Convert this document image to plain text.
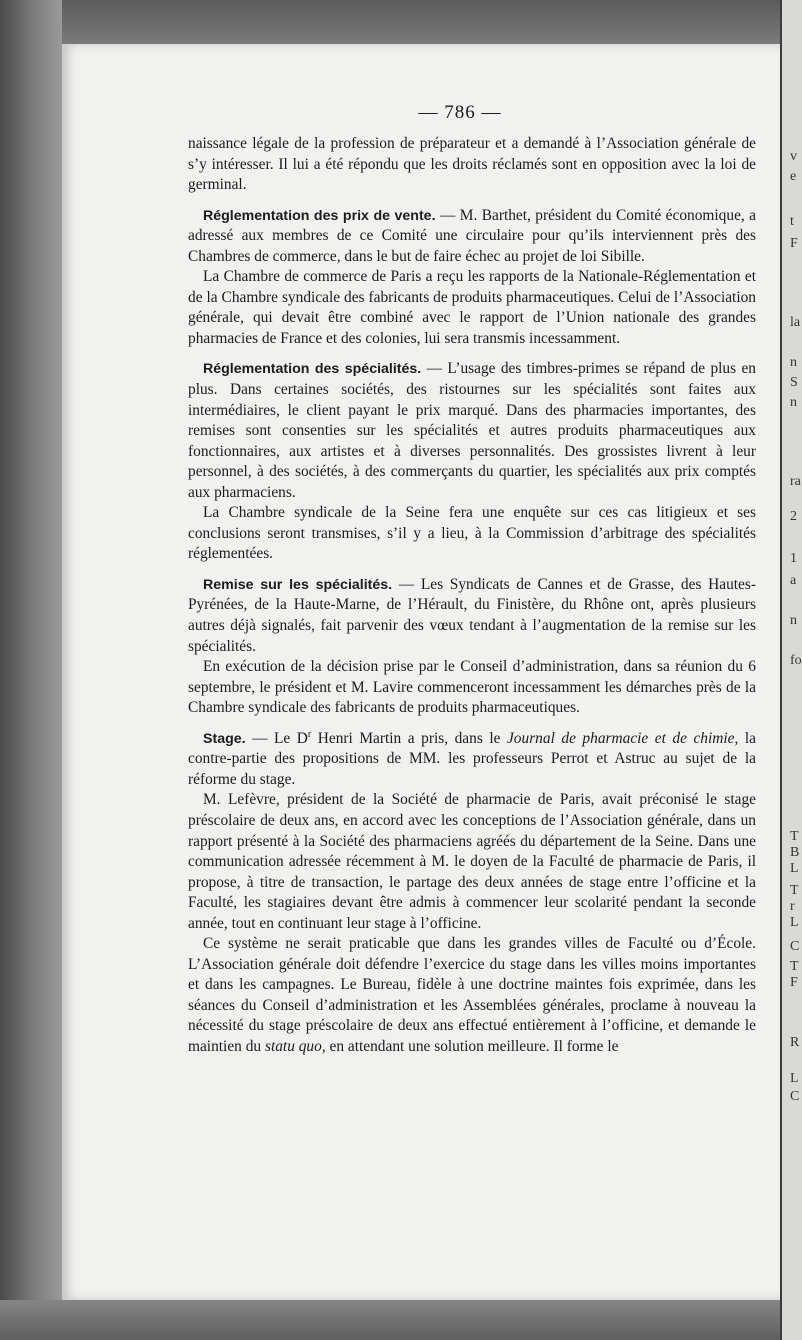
v
e
t
F
la
n
S
n
ra
2
1
a
n
fo
T
B
L
T
r
L
C
T
F
R
L
C

— 786 —

naissance légale de la profession de préparateur et a demandé à l’Association générale de s’y intéresser. Il lui a été répondu que les droits réclamés sont en opposition avec la loi de germinal.

Réglementation des prix de vente. — M. Barthet, président du Comité économique, a adressé aux membres de ce Comité une circulaire pour qu’ils interviennent près des Chambres de commerce, dans le but de faire échec au projet de loi Sibille.

La Chambre de commerce de Paris a reçu les rapports de la Nationale-Réglementation et de la Chambre syndicale des fabricants de produits pharmaceutiques. Celui de l’Association générale, qui devait être combiné avec le rapport de l’Union nationale des grandes pharmacies de France et des colonies, lui sera transmis incessamment.

Réglementation des spécialités. — L’usage des timbres-primes se répand de plus en plus. Dans certaines sociétés, des ristournes sur les spécialités sont faites aux intermédiaires, le client payant le prix marqué. Dans des pharmacies importantes, des remises sont consenties sur les spécialités et autres produits pharmaceutiques aux fonctionnaires, aux artistes et à diverses personnalités. Des grossistes livrent à leur personnel, à des sociétés, à des commerçants du quartier, les spécialités aux prix comptés aux pharmaciens.

La Chambre syndicale de la Seine fera une enquête sur ces cas litigieux et ses conclusions seront transmises, s’il y a lieu, à la Commission d’arbitrage des spécialités réglementées.

Remise sur les spécialités. — Les Syndicats de Cannes et de Grasse, des Hautes-Pyrénées, de la Haute-Marne, de l’Hérault, du Finistère, du Rhône ont, après plusieurs autres déjà signalés, fait parvenir des vœux tendant à l’augmentation de la remise sur les spécialités.

En exécution de la décision prise par le Conseil d’administration, dans sa réunion du 6 septembre, le président et M. Lavire commenceront incessamment les démarches près de la Chambre syndicale des fabricants de produits pharmaceutiques.

Stage. — Le $D^r$ Henri Martin a pris, dans le Journal de pharmacie et de chimie, la contre-partie des propositions de MM. les professeurs Perrot et Astruc au sujet de la réforme du stage.

M. Lefèvre, président de la Société de pharmacie de Paris, avait préconisé le stage préscolaire de deux ans, en accord avec les conceptions de l’Association générale, dans un rapport présenté à la Société des pharmaciens agréés du département de la Seine. Dans une communication adressée récemment à M. le doyen de la Faculté de pharmacie de Paris, il propose, à titre de transaction, le partage des deux années de stage entre l’officine et la Faculté, les stagiaires devant être admis à commencer leur scolarité pendant la seconde année, tout en continuant leur stage à l’officine.

Ce système ne serait praticable que dans les grandes villes de Faculté ou d’École. L’Association générale doit défendre l’exercice du stage dans les villes moins importantes et dans les campagnes. Le Bureau, fidèle à une doctrine maintes fois exprimée, dans les séances du Conseil d’administration et les Assemblées générales, proclame à nouveau la nécessité du stage préscolaire de deux ans effectué entièrement à l’officine, et demande le maintien du statu quo, en attendant une solution meilleure. Il forme le
